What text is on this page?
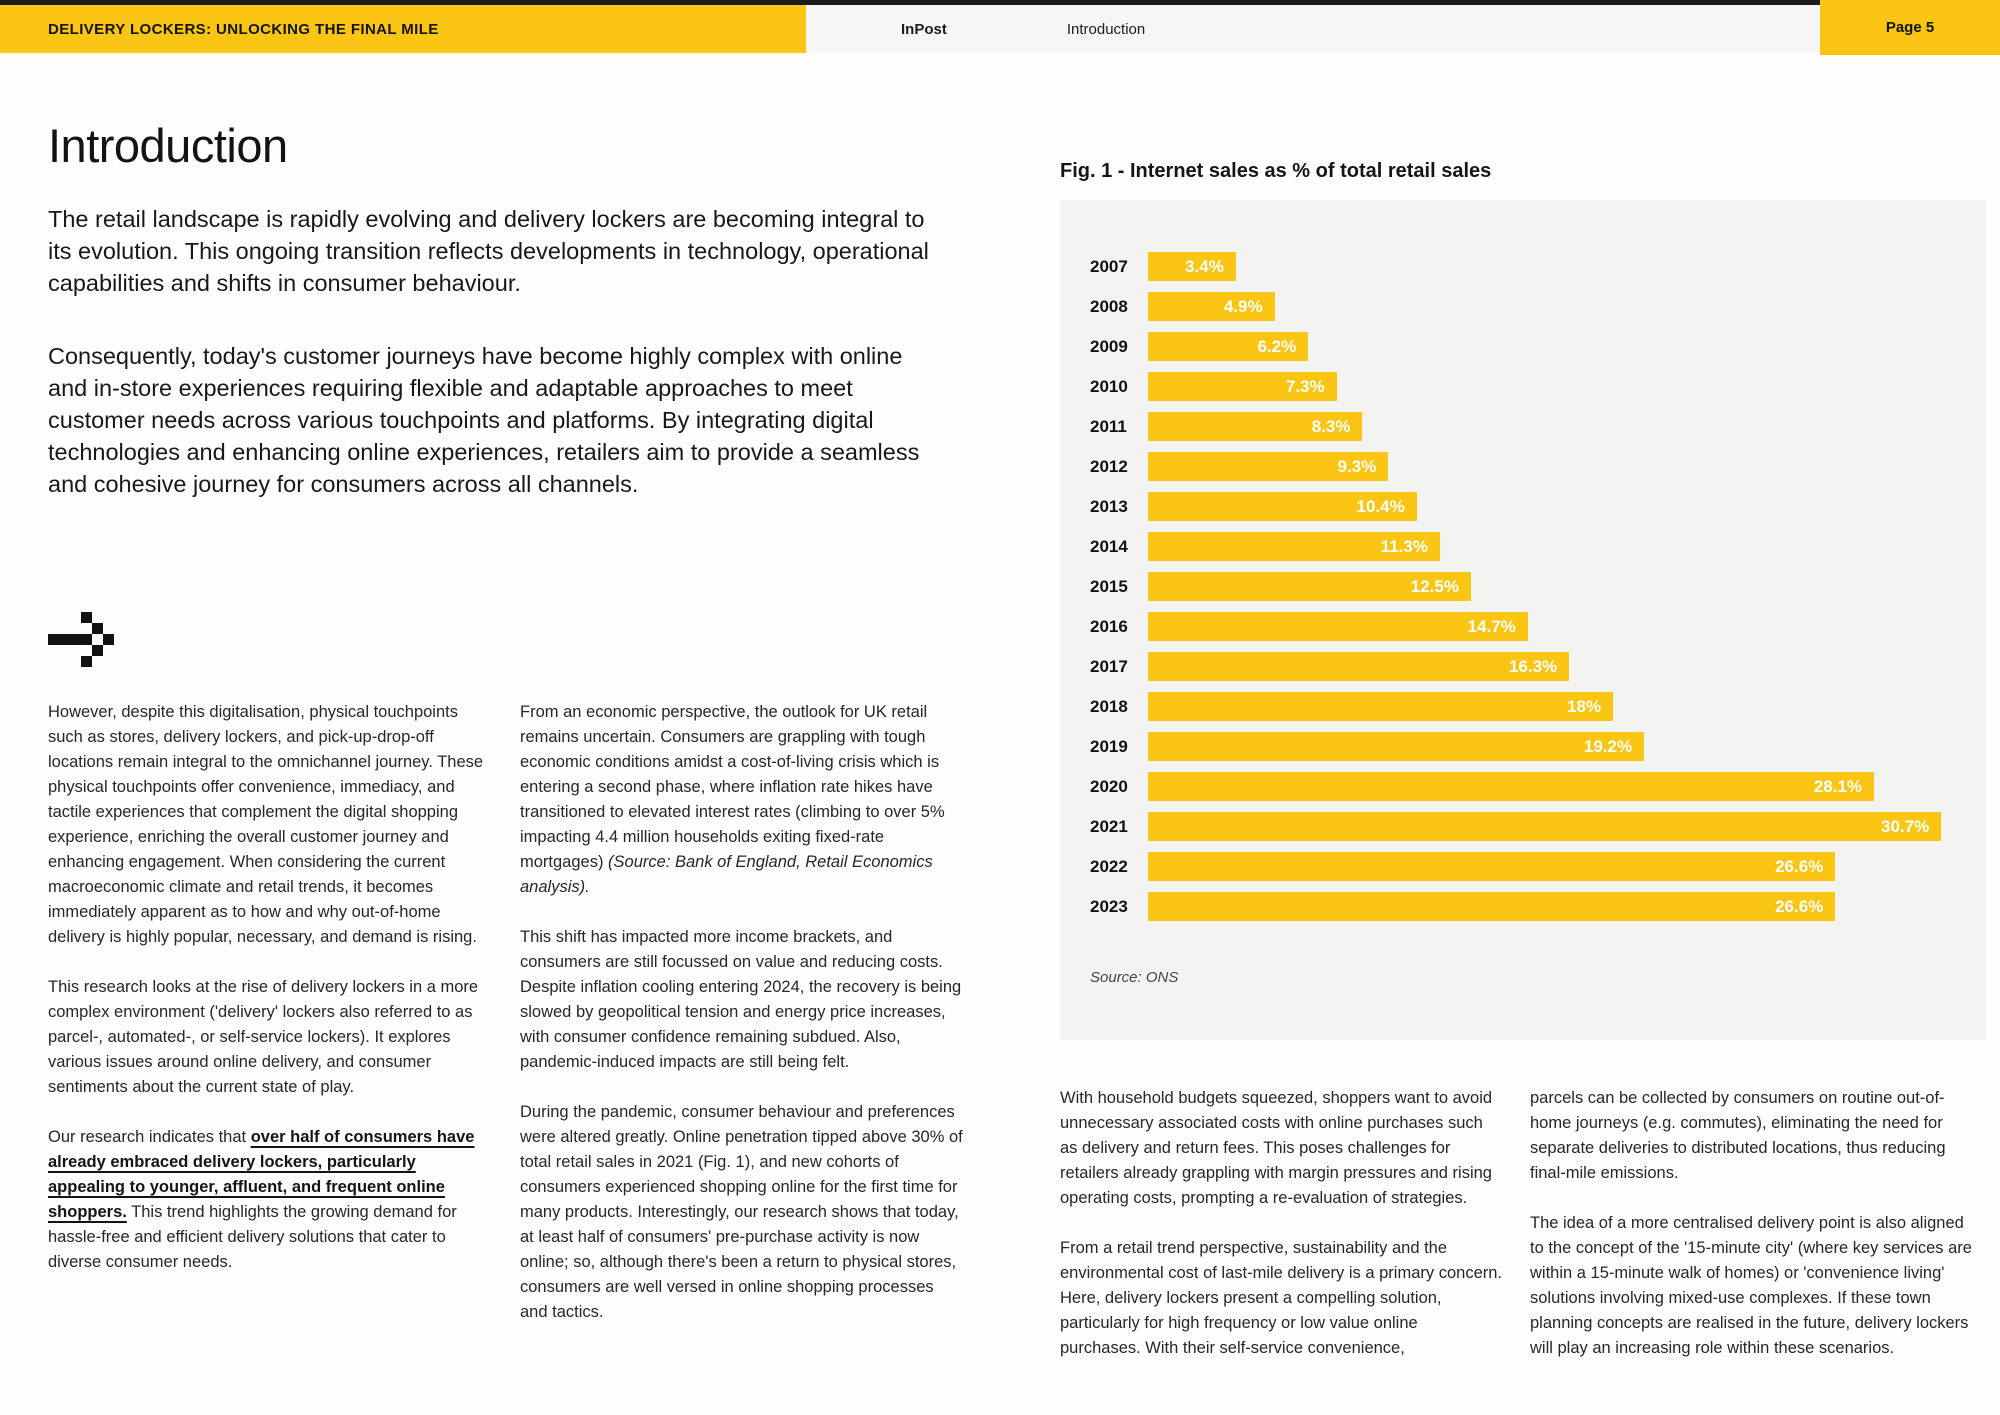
DELIVERY LOCKERS: UNLOCKING THE FINAL MILE	InPost	Introduction	Page 5
Introduction

The retail landscape is rapidly evolving and delivery lockers are becoming integral to its evolution. This ongoing transition reflects developments in technology, operational capabilities and shifts in consumer behaviour.

Consequently, today's customer journeys have become highly complex with online and in-store experiences requiring flexible and adaptable approaches to meet customer needs across various touchpoints and platforms. By integrating digital technologies and enhancing online experiences, retailers aim to provide a seamless and cohesive journey for consumers across all channels.

However, despite this digitalisation, physical touchpoints such as stores, delivery lockers, and pick-up-drop-off locations remain integral to the omnichannel journey. These physical touchpoints offer convenience, immediacy, and tactile experiences that complement the digital shopping experience, enriching the overall customer journey and enhancing engagement. When considering the current macroeconomic climate and retail trends, it becomes immediately apparent as to how and why out-of-home delivery is highly popular, necessary, and demand is rising.

This research looks at the rise of delivery lockers in a more complex environment ('delivery' lockers also referred to as parcel-, automated-, or self-service lockers). It explores various issues around online delivery, and consumer sentiments about the current state of play.

Our research indicates that over half of consumers have already embraced delivery lockers, particularly appealing to younger, affluent, and frequent online shoppers. This trend highlights the growing demand for hassle-free and efficient delivery solutions that cater to diverse consumer needs.

From an economic perspective, the outlook for UK retail remains uncertain. Consumers are grappling with tough economic conditions amidst a cost-of-living crisis which is entering a second phase, where inflation rate hikes have transitioned to elevated interest rates (climbing to over 5% impacting 4.4 million households exiting fixed-rate mortgages) (Source: Bank of England, Retail Economics analysis).

This shift has impacted more income brackets, and consumers are still focussed on value and reducing costs. Despite inflation cooling entering 2024, the recovery is being slowed by geopolitical tension and energy price increases, with consumer confidence remaining subdued. Also, pandemic-induced impacts are still being felt.

During the pandemic, consumer behaviour and preferences were altered greatly. Online penetration tipped above 30% of total retail sales in 2021 (Fig. 1), and new cohorts of consumers experienced shopping online for the first time for many products. Interestingly, our research shows that today, at least half of consumers' pre-purchase activity is now online; so, although there's been a return to physical stores, consumers are well versed in online shopping processes and tactics.

Fig. 1 - Internet sales as % of total retail sales
2007	3.4%
2008	4.9%
2009	6.2%
2010	7.3%
2011	8.3%
2012	9.3%
2013	10.4%
2014	11.3%
2015	12.5%
2016	14.7%
2017	16.3%
2018	18%
2019	19.2%
2020	28.1%
2021	30.7%
2022	26.6%
2023	26.6%

Source: ONS

With household budgets squeezed, shoppers want to avoid unnecessary associated costs with online purchases such as delivery and return fees. This poses challenges for retailers already grappling with margin pressures and rising operating costs, prompting a re-evaluation of strategies.

From a retail trend perspective, sustainability and the environmental cost of last-mile delivery is a primary concern. Here, delivery lockers present a compelling solution, particularly for high frequency or low value online purchases. With their self-service convenience,

parcels can be collected by consumers on routine out-of-home journeys (e.g. commutes), eliminating the need for separate deliveries to distributed locations, thus reducing final-mile emissions.

The idea of a more centralised delivery point is also aligned to the concept of the '15-minute city' (where key services are within a 15-minute walk of homes) or 'convenience living' solutions involving mixed-use complexes. If these town planning concepts are realised in the future, delivery lockers will play an increasing role within these scenarios.
